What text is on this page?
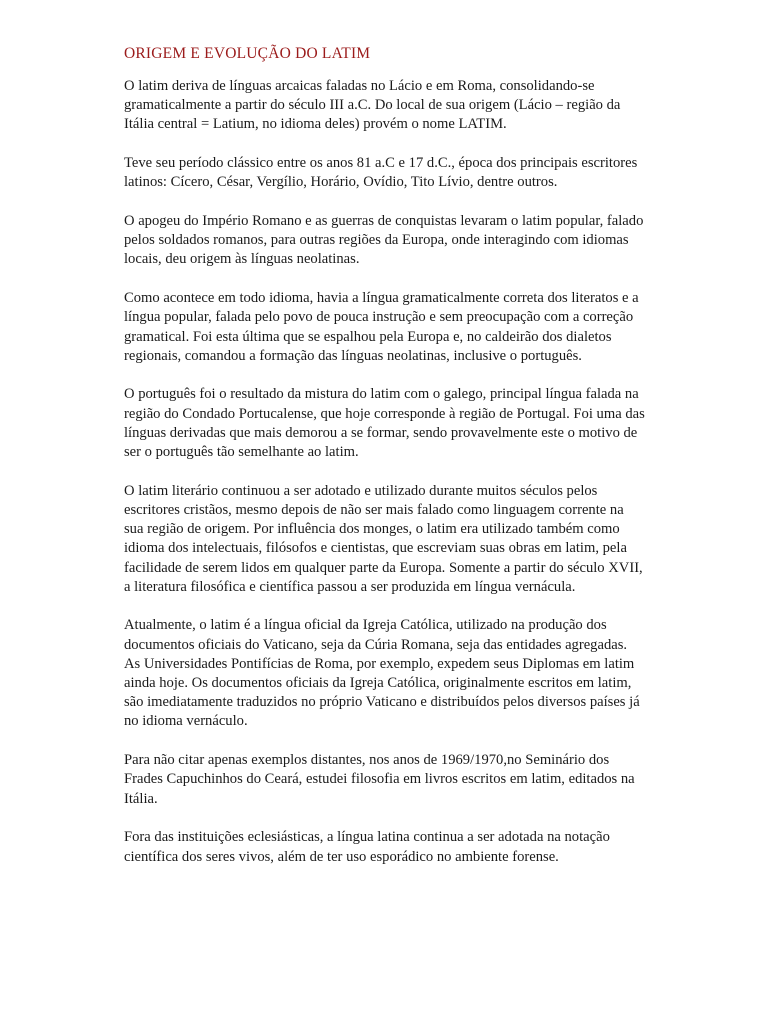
ORIGEM E EVOLUÇÃO DO LATIM

O latim deriva de línguas arcaicas faladas no Lácio e em Roma, consolidando-se gramaticalmente a partir do século III a.C. Do local de sua origem (Lácio – região da Itália central = Latium, no idioma deles) provém o nome LATIM.

Teve seu período clássico entre os anos 81 a.C e 17 d.C., época dos principais escritores latinos: Cícero, César, Vergílio, Horário, Ovídio, Tito Lívio, dentre outros.

O apogeu do Império Romano e as guerras de conquistas levaram o latim popular, falado pelos soldados romanos, para outras regiões da Europa, onde interagindo com idiomas locais, deu origem às línguas neolatinas.

Como acontece em todo idioma, havia a língua gramaticalmente correta dos literatos e a língua popular, falada pelo povo de pouca instrução e sem preocupação com a correção gramatical. Foi esta última que se espalhou pela Europa e, no caldeirão dos dialetos regionais, comandou a formação das línguas neolatinas, inclusive o português.

O português foi o resultado da mistura do latim com o galego, principal língua falada na região do Condado Portucalense, que hoje corresponde à região de Portugal. Foi uma das línguas derivadas que mais demorou a se formar, sendo provavelmente este o motivo de ser o português tão semelhante ao latim.

O latim literário continuou a ser adotado e utilizado durante muitos séculos pelos escritores cristãos, mesmo depois de não ser mais falado como linguagem corrente na sua região de origem. Por influência dos monges, o latim era utilizado também como idioma dos intelectuais, filósofos e cientistas, que escreviam suas obras em latim, pela facilidade de serem lidos em qualquer parte da Europa. Somente a partir do século XVII, a literatura filosófica e científica passou a ser produzida em língua vernácula.

Atualmente, o latim é a língua oficial da Igreja Católica, utilizado na produção dos documentos oficiais do Vaticano, seja da Cúria Romana, seja das entidades agregadas. As Universidades Pontifícias de Roma, por exemplo, expedem seus Diplomas em latim ainda hoje. Os documentos oficiais da Igreja Católica, originalmente escritos em latim, são imediatamente traduzidos no próprio Vaticano e distribuídos pelos diversos países já no idioma vernáculo.

Para não citar apenas exemplos distantes, nos anos de 1969/1970,no Seminário dos Frades Capuchinhos do Ceará, estudei filosofia em livros escritos em latim, editados na Itália.

Fora das instituições eclesiásticas, a língua latina continua a ser adotada na notação científica dos seres vivos, além de ter uso esporádico no ambiente forense.
